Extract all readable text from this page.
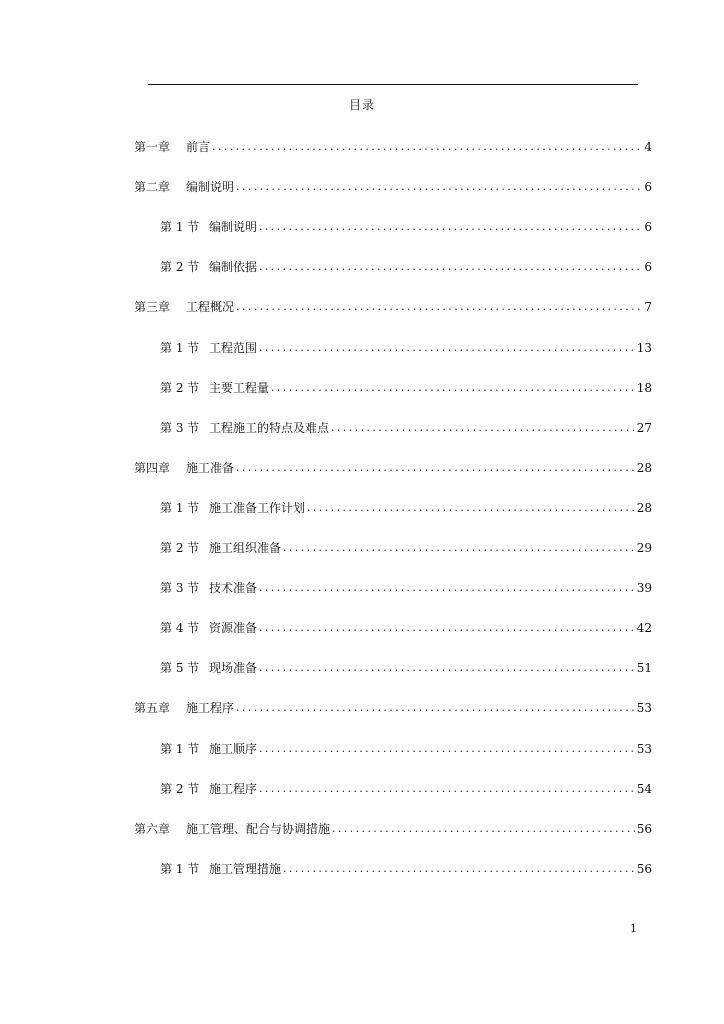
目录
第一章	前言 .....	4
第二章	编制说明 .....	6
第 1 节 编制说明 .....	6
第 2 节 编制依据 .....	6
第三章	工程概况 .....	7
第 1 节 工程范围 .....	13
第 2 节 主要工程量 .....	18
第 3 节 工程施工的特点及难点 .....	27
第四章	施工准备 .....	28
第 1 节 施工准备工作计划 .....	28
第 2 节 施工组织准备 .....	29
第 3 节 技术准备 .....	39
第 4 节 资源准备 .....	42
第 5 节 现场准备 .....	51
第五章	施工程序 .....	53
第 1 节 施工顺序 .....	53
第 2 节 施工程序 .....	54
第六章	施工管理、配合与协调措施 .....	56
第 1 节 施工管理措施 .....	56
1
